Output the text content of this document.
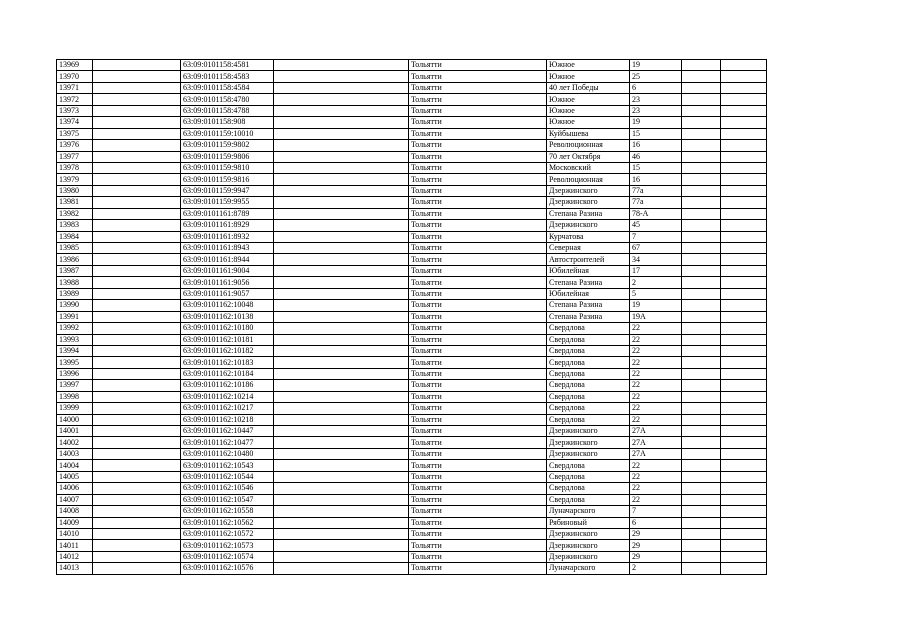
13969		63:09:0101158:4581		Тольятти	Южное	19		
13970		63:09:0101158:4583		Тольятти	Южное	25		
13971		63:09:0101158:4584		Тольятти	40 лет Победы	6		
13972		63:09:0101158:4780		Тольятти	Южное	23		
13973		63:09:0101158:4788		Тольятти	Южное	23		
13974		63:09:0101158:908		Тольятти	Южное	19		
13975		63:09:0101159:10010		Тольятти	Куйбышева	15		
13976		63:09:0101159:9802		Тольятти	Революционная	16		
13977		63:09:0101159:9806		Тольятти	70 лет Октября	46		
13978		63:09:0101159:9810		Тольятти	Московский	15		
13979		63:09:0101159:9816		Тольятти	Революционная	16		
13980		63:09:0101159:9947		Тольятти	Дзержинского	77а		
13981		63:09:0101159:9955		Тольятти	Дзержинского	77а		
13982		63:09:0101161:8789		Тольятти	Степана Разина	78-А		
13983		63:09:0101161:8929		Тольятти	Дзержинского	45		
13984		63:09:0101161:8932		Тольятти	Курчатова	7		
13985		63:09:0101161:8943		Тольятти	Северная	67		
13986		63:09:0101161:8944		Тольятти	Автостроителей	34		
13987		63:09:0101161:9004		Тольятти	Юбилейная	17		
13988		63:09:0101161:9056		Тольятти	Степана Разина	2		
13989		63:09:0101161:9057		Тольятти	Юбилейная	5		
13990		63:09:0101162:10048		Тольятти	Степана Разина	19		
13991		63:09:0101162:10138		Тольятти	Степана Разина	19А		
13992		63:09:0101162:10180		Тольятти	Свердлова	22		
13993		63:09:0101162:10181		Тольятти	Свердлова	22		
13994		63:09:0101162:10182		Тольятти	Свердлова	22		
13995		63:09:0101162:10183		Тольятти	Свердлова	22		
13996		63:09:0101162:10184		Тольятти	Свердлова	22		
13997		63:09:0101162:10186		Тольятти	Свердлова	22		
13998		63:09:0101162:10214		Тольятти	Свердлова	22		
13999		63:09:0101162:10217		Тольятти	Свердлова	22		
14000		63:09:0101162:10218		Тольятти	Свердлова	22		
14001		63:09:0101162:10447		Тольятти	Дзержинского	27А		
14002		63:09:0101162:10477		Тольятти	Дзержинского	27А		
14003		63:09:0101162:10480		Тольятти	Дзержинского	27А		
14004		63:09:0101162:10543		Тольятти	Свердлова	22		
14005		63:09:0101162:10544		Тольятти	Свердлова	22		
14006		63:09:0101162:10546		Тольятти	Свердлова	22		
14007		63:09:0101162:10547		Тольятти	Свердлова	22		
14008		63:09:0101162:10558		Тольятти	Луначарского	7		
14009		63:09:0101162:10562		Тольятти	Рябиновый	6		
14010		63:09:0101162:10572		Тольятти	Дзержинского	29		
14011		63:09:0101162:10573		Тольятти	Дзержинского	29		
14012		63:09:0101162:10574		Тольятти	Дзержинского	29		
14013		63:09:0101162:10576		Тольятти	Луначарского	2		
